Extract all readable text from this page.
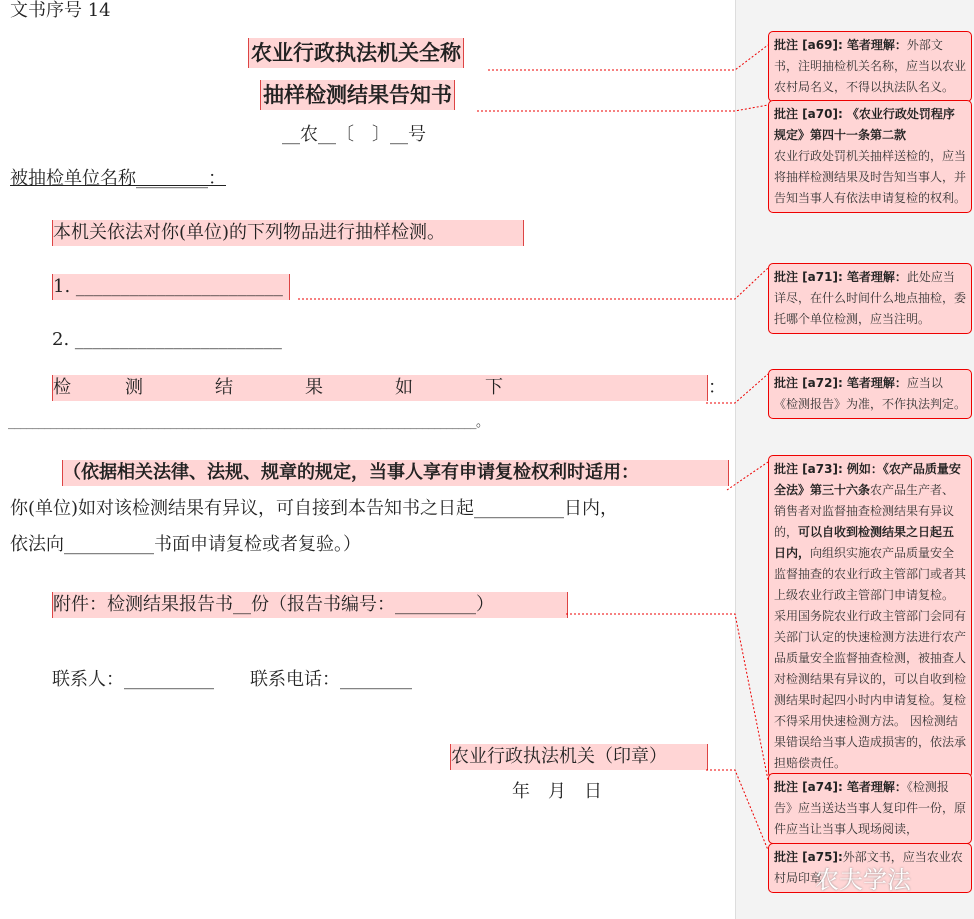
文书序号 14
农业行政执法机关全称
抽样检测结果告知书
__农__〔　〕__号
被抽检单位名称________：
本机关依法对你(单位)的下列物品进行抽样检测。
1. _______________________
2. _______________________
检　　　测　　　　结　　　　果　　　　如　　　　下	：
______________________________________________________________________________。
（依据相关法律、法规、规章的规定，当事人享有申请复检权利时适用：
你(单位)如对该检测结果有异议，可自接到本告知书之日起__________日内，
依法向__________书面申请复检或者复验。）
附件：检测结果报告书__份（报告书编号：_________）
联系人：__________　　联系电话：________
农业行政执法机关（印章）
年　月　日
批注 [a69]: 笔者理解：外部文书，注明抽检机关名称，应当以农业农村局名义，不得以执法队名义。
批注 [a70]: 《农业行政处罚程序规定》第四十一条第二款
农业行政处罚机关抽样送检的，应当将抽样检测结果及时告知当事人，并告知当事人有依法申请复检的权利。
批注 [a71]: 笔者理解：此处应当详尽，在什么时间什么地点抽检，委托哪个单位检测，应当注明。
批注 [a72]: 笔者理解：应当以《检测报告》为准，不作执法判定。
批注 [a73]: 例如：《农产品质量安全法》第三十六条农产品生产者、销售者对监督抽查检测结果有异议的，可以自收到检测结果之日起五日内，向组织实施农产品质量安全监督抽查的农业行政主管部门或者其上级农业行政主管部门申请复检。 采用国务院农业行政主管部门会同有关部门认定的快速检测方法进行农产品质量安全监督抽查检测，被抽查人对检测结果有异议的，可以自收到检测结果时起四小时内申请复检。复检不得采用快速检测方法。 因检测结果错误给当事人造成损害的，依法承担赔偿责任。
批注 [a74]: 笔者理解：《检测报告》应当送达当事人复印件一份，原件应当让当事人现场阅读，
批注 [a75]:外部文书，应当农业农村局印章
农夫学法
